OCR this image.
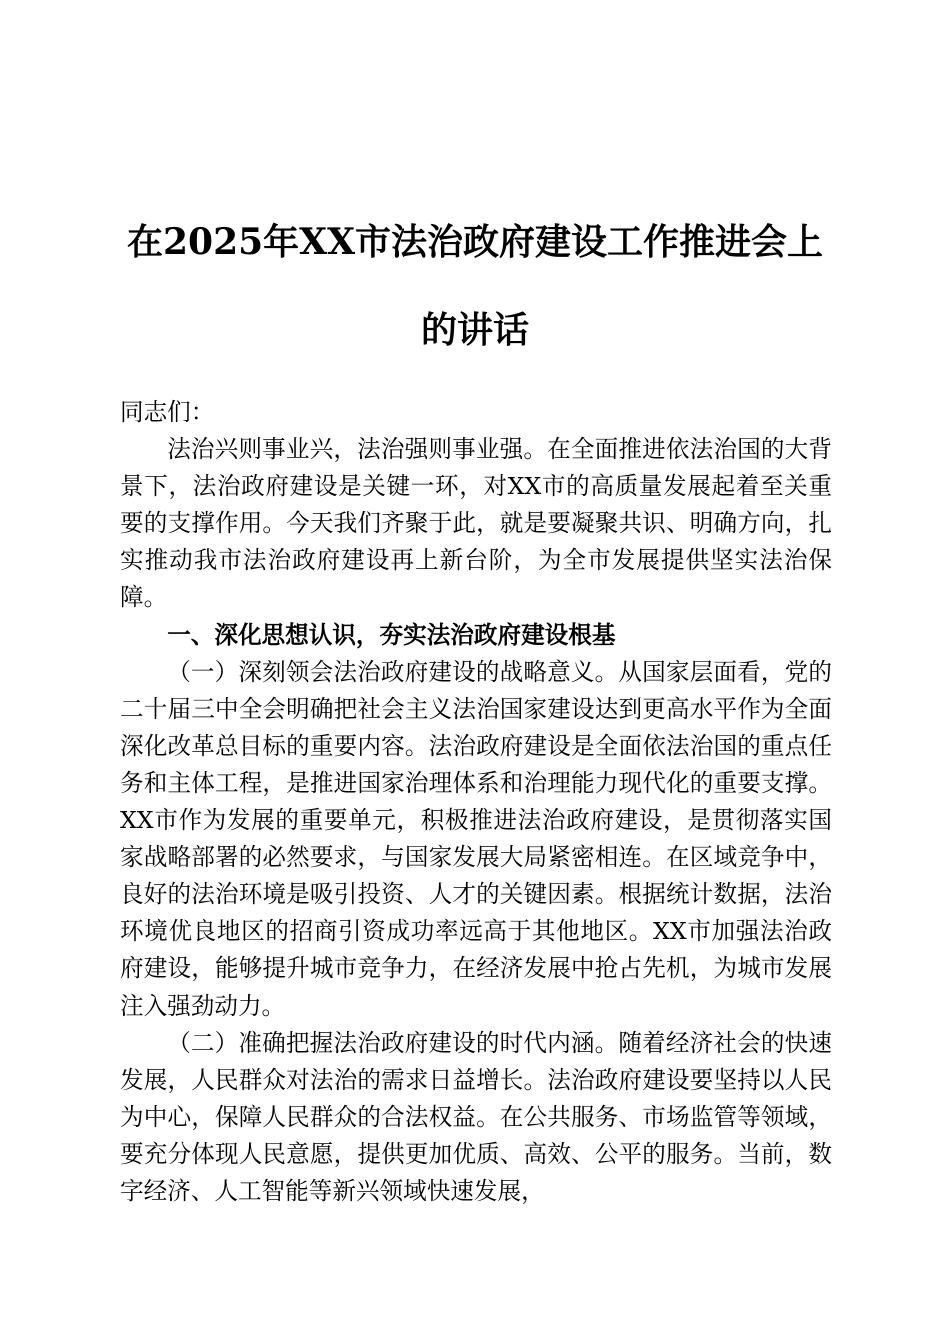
在2025年XX市法治政府建设工作推进会上
的讲话

同志们：

法治兴则事业兴，法治强则事业强。在全面推进依法治国的大背景下，法治政府建设是关键一环，对XX市的高质量发展起着至关重要的支撑作用。今天我们齐聚于此，就是要凝聚共识、明确方向，扎实推动我市法治政府建设再上新台阶，为全市发展提供坚实法治保障。

一、深化思想认识，夯实法治政府建设根基

（一）深刻领会法治政府建设的战略意义。从国家层面看，党的二十届三中全会明确把社会主义法治国家建设达到更高水平作为全面深化改革总目标的重要内容。法治政府建设是全面依法治国的重点任务和主体工程，是推进国家治理体系和治理能力现代化的重要支撑。XX市作为发展的重要单元，积极推进法治政府建设，是贯彻落实国家战略部署的必然要求，与国家发展大局紧密相连。在区域竞争中，良好的法治环境是吸引投资、人才的关键因素。根据统计数据，法治环境优良地区的招商引资成功率远高于其他地区。XX市加强法治政府建设，能够提升城市竞争力，在经济发展中抢占先机，为城市发展注入强劲动力。

（二）准确把握法治政府建设的时代内涵。随着经济社会的快速发展，人民群众对法治的需求日益增长。法治政府建设要坚持以人民为中心，保障人民群众的合法权益。在公共服务、市场监管等领域，要充分体现人民意愿，提供更加优质、高效、公平的服务。当前，数字经济、人工智能等新兴领域快速发展，
